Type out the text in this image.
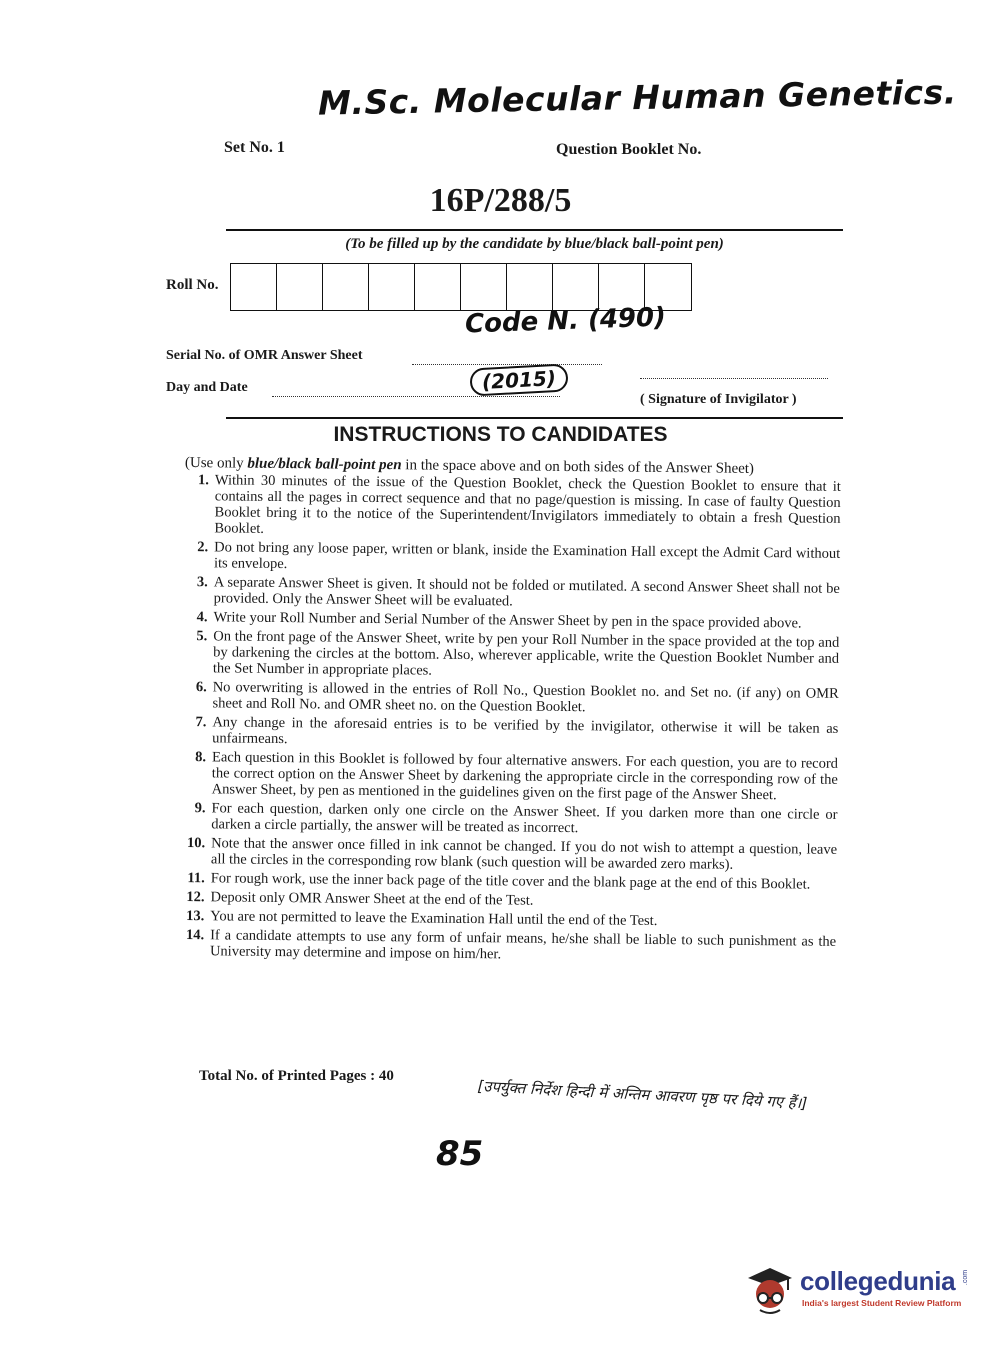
M.Sc. Molecular Human Genetics.
Set No. 1	Question Booklet No.
16P/288/5
(To be filled up by the candidate by blue/black ball-point pen)
Roll No.
Code N. (490)
Serial No. of OMR Answer Sheet
Day and Date	(2015)
( Signature of Invigilator )
INSTRUCTIONS TO CANDIDATES
(Use only blue/black ball-point pen in the space above and on both sides of the Answer Sheet)
1. Within 30 minutes of the issue of the Question Booklet, check the Question Booklet to ensure that it contains all the pages in correct sequence and that no page/question is missing. In case of faulty Question Booklet bring it to the notice of the Superintendent/Invigilators immediately to obtain a fresh Question Booklet.
2. Do not bring any loose paper, written or blank, inside the Examination Hall except the Admit Card without its envelope.
3. A separate Answer Sheet is given. It should not be folded or mutilated. A second Answer Sheet shall not be provided. Only the Answer Sheet will be evaluated.
4. Write your Roll Number and Serial Number of the Answer Sheet by pen in the space provided above.
5. On the front page of the Answer Sheet, write by pen your Roll Number in the space provided at the top and by darkening the circles at the bottom. Also, wherever applicable, write the Question Booklet Number and the Set Number in appropriate places.
6. No overwriting is allowed in the entries of Roll No., Question Booklet no. and Set no. (if any) on OMR sheet and Roll No. and OMR sheet no. on the Question Booklet.
7. Any change in the aforesaid entries is to be verified by the invigilator, otherwise it will be taken as unfairmeans.
8. Each question in this Booklet is followed by four alternative answers. For each question, you are to record the correct option on the Answer Sheet by darkening the appropriate circle in the corresponding row of the Answer Sheet, by pen as mentioned in the guidelines given on the first page of the Answer Sheet.
9. For each question, darken only one circle on the Answer Sheet. If you darken more than one circle or darken a circle partially, the answer will be treated as incorrect.
10. Note that the answer once filled in ink cannot be changed. If you do not wish to attempt a question, leave all the circles in the corresponding row blank (such question will be awarded zero marks).
11. For rough work, use the inner back page of the title cover and the blank page at the end of this Booklet.
12. Deposit only OMR Answer Sheet at the end of the Test.
13. You are not permitted to leave the Examination Hall until the end of the Test.
14. If a candidate attempts to use any form of unfair means, he/she shall be liable to such punishment as the University may determine and impose on him/her.
Total No. of Printed Pages : 40
[उपर्युक्त निर्देश हिन्दी में अन्तिम आवरण पृष्ठ पर दिये गए हैं।]
85
collegedunia .com
India's largest Student Review Platform
